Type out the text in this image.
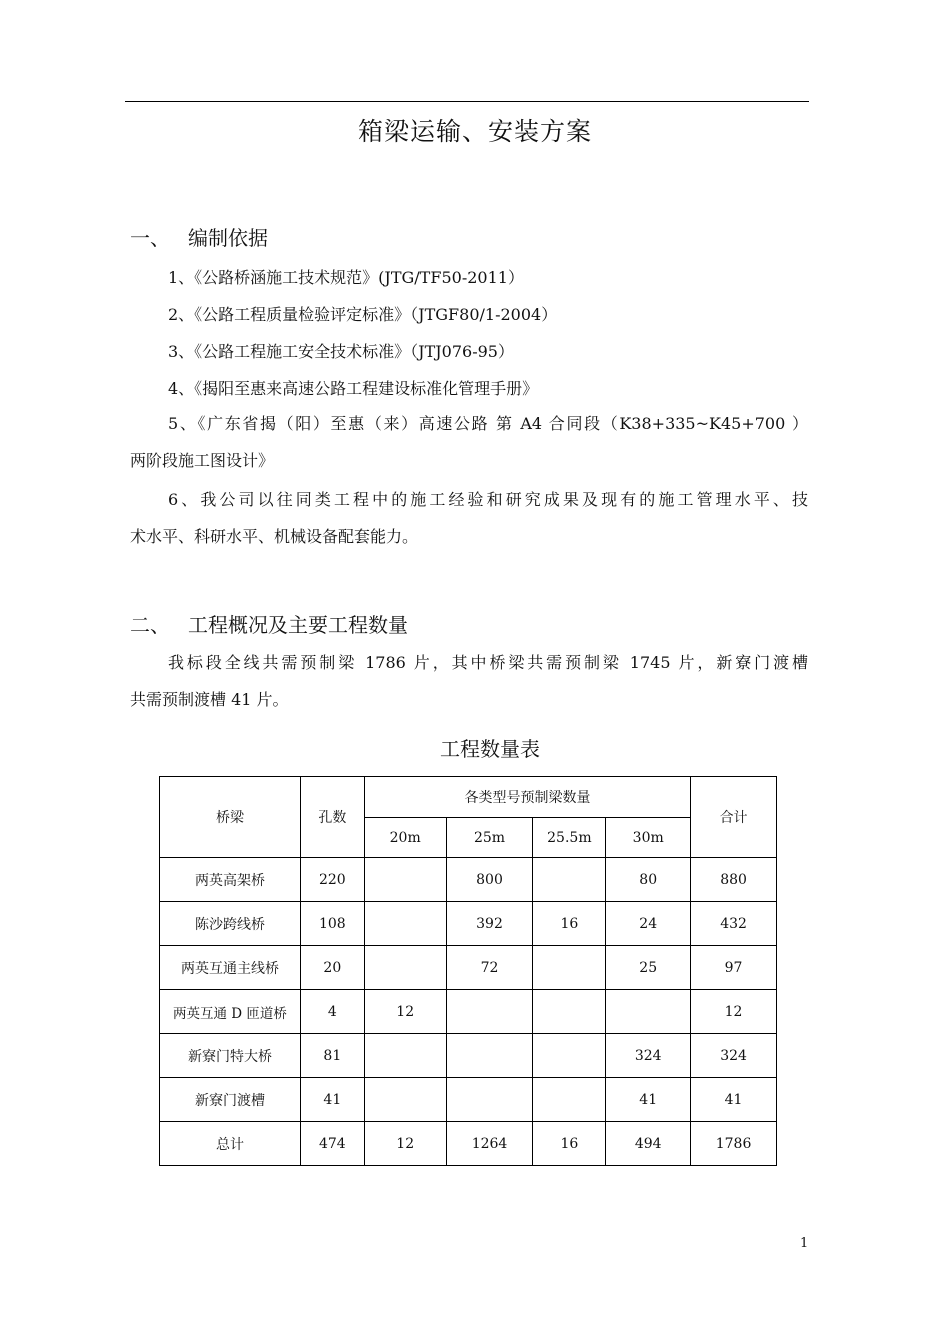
箱梁运输、安装方案
一、 编制依据
1、《公路桥涵施工技术规范》(JTG/TF50-2011）
2、《公路工程质量检验评定标准》（JTGF80/1-2004）
3、《公路工程施工安全技术标准》（JTJ076-95）
4、《揭阳至惠来高速公路工程建设标准化管理手册》
5、《广东省揭（阳）至惠（来）高速公路 第 A4 合同段（K38+335~K45+700 ）
两阶段施工图设计》
6、我公司以往同类工程中的施工经验和研究成果及现有的施工管理水平、技
术水平、科研水平、机械设备配套能力。
二、 工程概况及主要工程数量
我标段全线共需预制梁 1786 片，其中桥梁共需预制梁 1745 片，新寮门渡槽
共需预制渡槽 41 片。
工程数量表
桥梁	孔数	各类型号预制梁数量				合计
		20m	25m	25.5m	30m	
两英高架桥	220		800		80	880
陈沙跨线桥	108		392	16	24	432
两英互通主线桥	20		72		25	97
两英互通 D 匝道桥	4	12				12
新寮门特大桥	81				324	324
新寮门渡槽	41				41	41
总计	474	12	1264	16	494	1786
1
